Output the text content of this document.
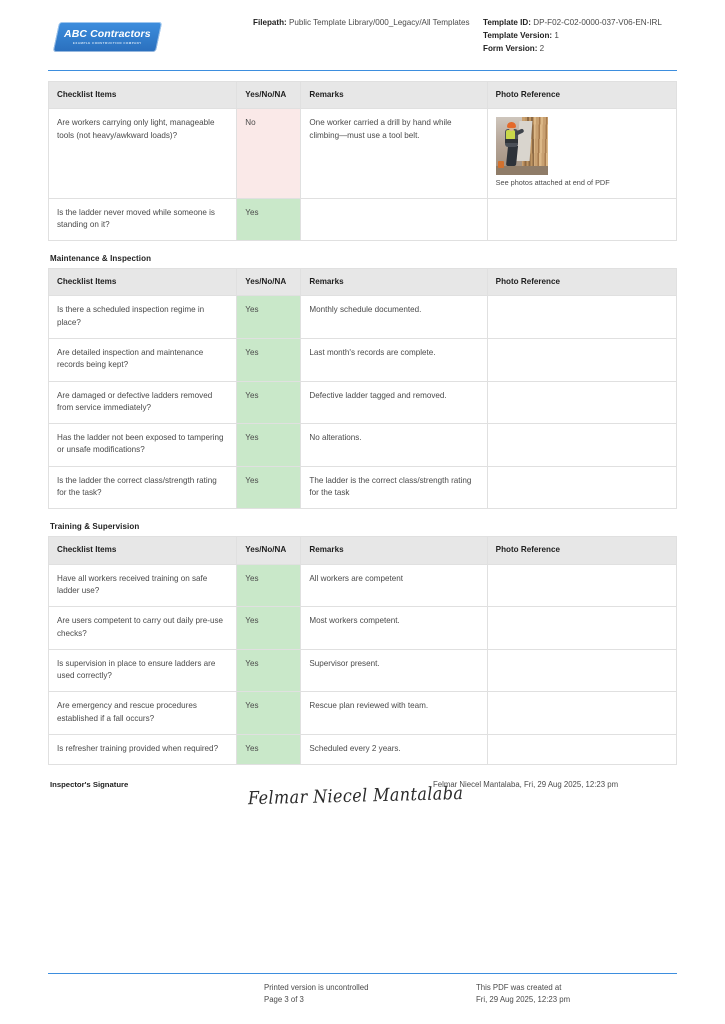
ABC Contractors
EXAMPLE CONSTRUCTION COMPANY
Filepath: Public Template Library/000_Legacy/All Templates	Template ID: DP-F02-C02-0000-037-V06-EN-IRL
Template Version: 1
Form Version: 2
Checklist Items	Yes/No/NA	Remarks	Photo Reference
Are workers carrying only light, manageable tools (not heavy/awkward loads)?	No	One worker carried a drill by hand while climbing—must use a tool belt.	See photos attached at end of PDF

Is the ladder never moved while someone is standing on it?	Yes		
Maintenance & Inspection
Checklist Items	Yes/No/NA	Remarks	Photo Reference
Is there a scheduled inspection regime in place?	Yes	Monthly schedule documented.	
Are detailed inspection and maintenance records being kept?	Yes	Last month's records are complete.	
Are damaged or defective ladders removed from service immediately?	Yes	Defective ladder tagged and removed.	
Has the ladder not been exposed to tampering or unsafe modifications?	Yes	No alterations.	
Is the ladder the correct class/strength rating for the task?	Yes	The ladder is the correct class/strength rating for the task	
Training & Supervision
Checklist Items	Yes/No/NA	Remarks	Photo Reference
Have all workers received training on safe ladder use?	Yes	All workers are competent	
Are users competent to carry out daily pre-use checks?	Yes	Most workers competent.	
Is supervision in place to ensure ladders are used correctly?	Yes	Supervisor present.	
Are emergency and rescue procedures established if a fall occurs?	Yes	Rescue plan reviewed with team.	
Is refresher training provided when required?	Yes	Scheduled every 2 years.	
Inspector's Signature	Felmar Niecel Mantalaba
Felmar Niecel Mantalaba, Fri, 29 Aug 2025, 12:23 pm
Printed version is uncontrolled
Page 3 of 3
This PDF was created at
Fri, 29 Aug 2025, 12:23 pm
